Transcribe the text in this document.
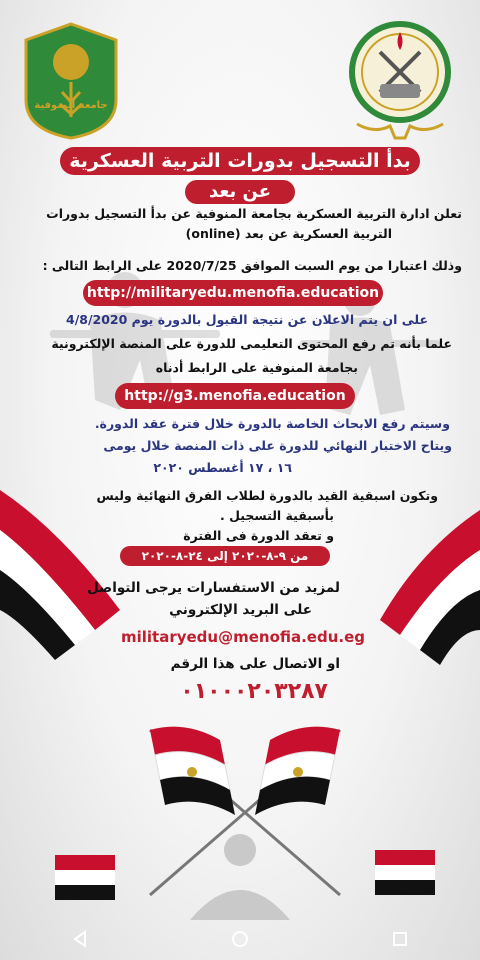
جامعة المنوفية
بدأ التسجيل بدورات التربية العسكرية
عن بعد
تعلن ادارة التربية العسكرية بجامعة المنوفية عن بدأ التسجيل بدورات
التربية العسكرية عن بعد (online)
وذلك اعتبارا من يوم السبت الموافق 2020/7/25 على الرابط التالى :
http://militaryedu.menofia.education
على ان يتم الاعلان عن نتيجة القبول بالدورة يوم 4/8/2020
علما بأنه تم رفع المحتوى التعليمى للدورة على المنصة الإلكترونية
بجامعة المنوفية على الرابط أدناه
http://g3.menofia.education
وسيتم رفع الابحاث الخاصة بالدورة خلال فترة عقد الدورة.
ويتاح الاختبار النهائي للدورة على ذات المنصة خلال يومى
١٦ ، ١٧ أغسطس ٢٠٢٠
وتكون اسبقية القيد بالدورة لطلاب الفرق النهائية وليس
بأسبقية التسجيل .
و تعقد الدورة فى الفترة
من ٩-٨-٢٠٢٠ إلى ٢٤-٨-٢٠٢٠
لمزيد من الاستفسارات يرجى التواصل
على البريد الإلكتروني
militaryedu@menofia.edu.eg
او الاتصال على هذا الرقم
٠١٠٠٠٢٠٣٢٨٧
